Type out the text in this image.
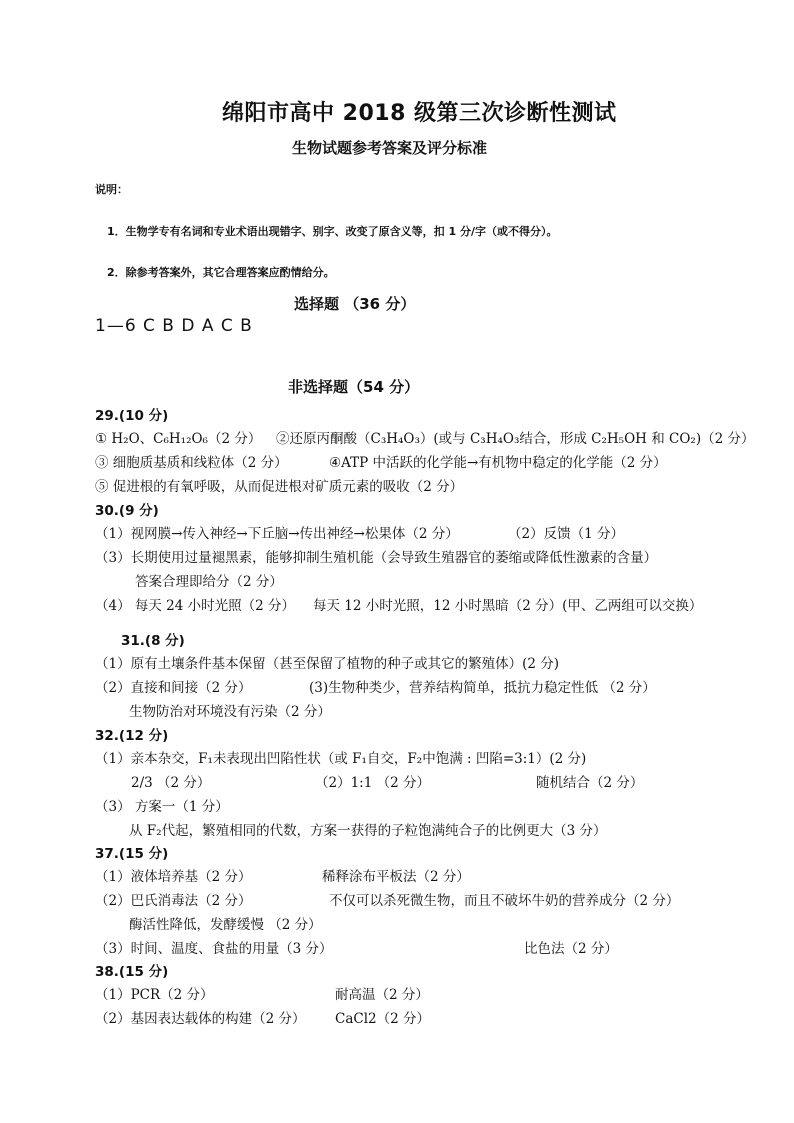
绵阳市高中 2018 级第三次诊断性测试
生物试题参考答案及评分标准
说明：
1．生物学专有名词和专业术语出现错字、别字、改变了原含义等，扣 1 分/字（或不得分）。
2．除参考答案外，其它合理答案应酌情给分。
选择题 （36 分）
1—6 C B D A C B
非选择题（54 分）
29.(10 分)
① H₂O、C₆H₁₂O₆（2 分） ②还原丙酮酸（C₃H₄O₃）(或与 C₃H₄O₃结合，形成 C₂H₅OH 和 CO₂)（2 分）
③ 细胞质基质和线粒体（2 分）	④ATP 中活跃的化学能→有机物中稳定的化学能（2 分）
⑤ 促进根的有氧呼吸，从而促进根对矿质元素的吸收（2 分）
30.(9 分)
（1）视网膜→传入神经→下丘脑→传出神经→松果体（2 分）	（2）反馈（1 分）
（3）长期使用过量褪黑素，能够抑制生殖机能（会导致生殖器官的萎缩或降低性激素的含量）
答案合理即给分（2 分）
（4） 每天 24 小时光照（2 分） 每天 12 小时光照，12 小时黑暗（2 分）(甲、乙两组可以交换）
31.(8 分)
（1）原有土壤条件基本保留（甚至保留了植物的种子或其它的繁殖体）(2 分)
（2）直接和间接（2 分）	(3)生物种类少，营养结构简单，抵抗力稳定性低 （2 分）
生物防治对环境没有污染（2 分）
32.(12 分)
（1）亲本杂交，F₁未表现出凹陷性状（或 F₁自交，F₂中饱满 : 凹陷=3:1）(2 分)
2/3 （2 分）	（2）1:1 （2 分）	随机结合（2 分）
（3） 方案一（1 分）
从 F₂代起，繁殖相同的代数，方案一获得的子粒饱满纯合子的比例更大（3 分）
37.(15 分)
（1）液体培养基（2 分）	稀释涂布平板法（2 分）
（2）巴氏消毒法（2 分）	不仅可以杀死微生物，而且不破坏牛奶的营养成分（2 分）
酶活性降低，发酵缓慢 （2 分）
（3）时间、温度、食盐的用量（3 分）	比色法（2 分）
38.(15 分)
（1）PCR（2 分）	耐高温（2 分）
（2）基因表达载体的构建（2 分） CaCl2（2 分）
